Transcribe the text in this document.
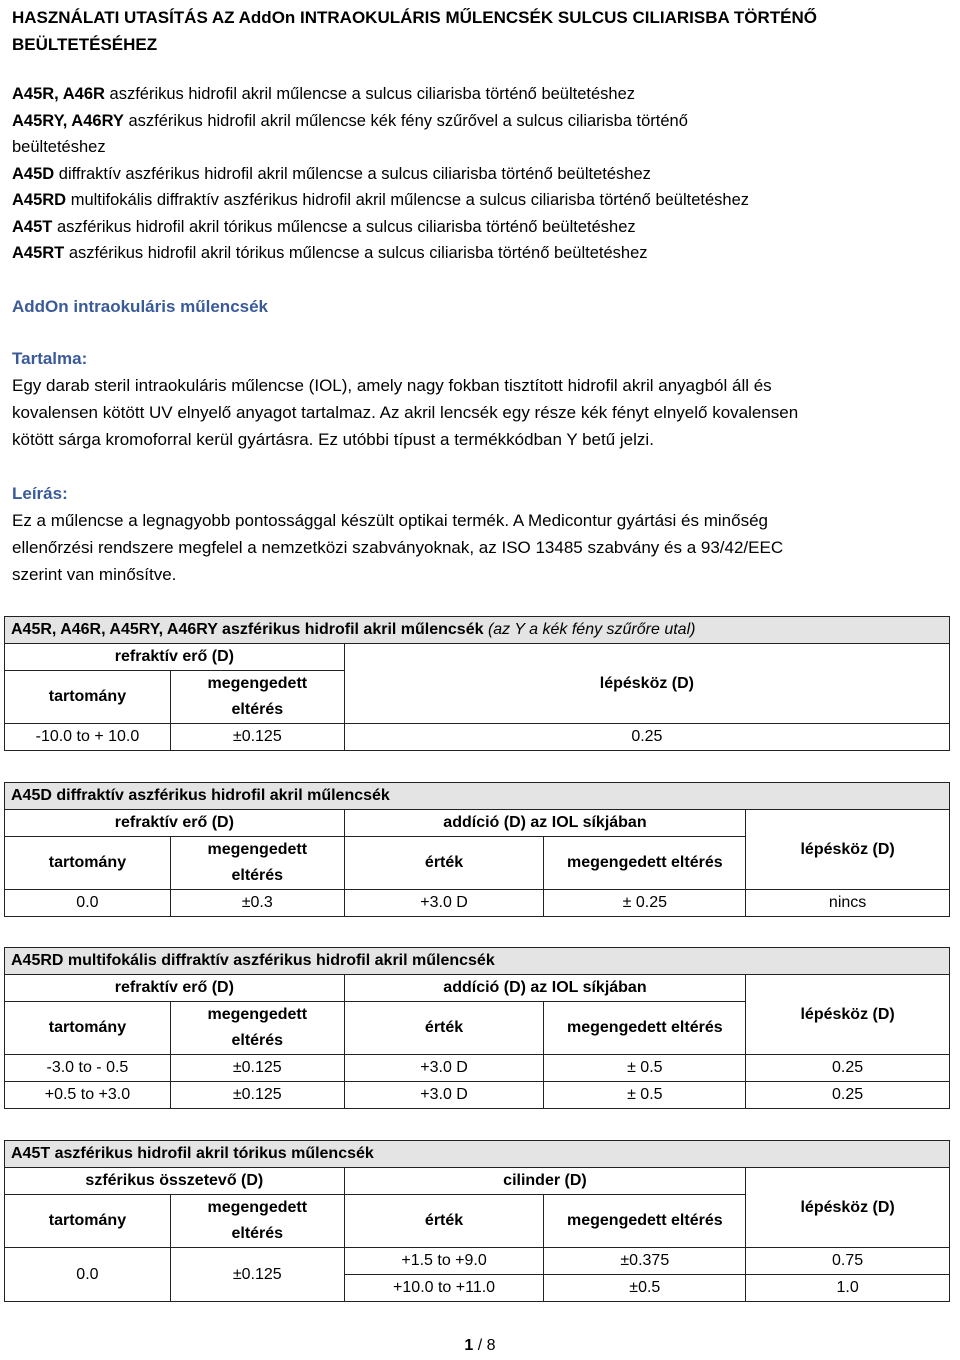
HASZNÁLATI UTASÍTÁS AZ AddOn INTRAOKULÁRIS MŰLENCSÉK SULCUS CILIARISBA TÖRTÉNŐ BEÜLTETÉSÉHEZ
A45R, A46R aszférikus hidrofil akril műlencse a sulcus ciliarisba történő beültetéshez
A45RY, A46RY aszférikus hidrofil akril műlencse kék fény szűrővel a sulcus ciliarisba történő
beültetéshez
A45D diffraktív aszférikus hidrofil akril műlencse a sulcus ciliarisba történő beültetéshez
A45RD multifokális diffraktív aszférikus hidrofil akril műlencse a sulcus ciliarisba történő beültetéshez
A45T aszférikus hidrofil akril tórikus műlencse a sulcus ciliarisba történő beültetéshez
A45RT aszférikus hidrofil akril tórikus műlencse a sulcus ciliarisba történő beültetéshez
AddOn intraokuláris műlencsék
Tartalma:
Egy darab steril intraokuláris műlencse (IOL), amely nagy fokban tisztított hidrofil akril anyagból áll és
kovalensen kötött UV elnyelő anyagot tartalmaz. Az akril lencsék egy része kék fényt elnyelő kovalensen
kötött sárga kromoforral kerül gyártásra. Ez utóbbi típust a termékkódban Y betű jelzi.
Leírás:
Ez a műlencse a legnagyobb pontossággal készült optikai termék. A Medicontur gyártási és minőség
ellenőrzési rendszere megfelel a nemzetközi szabványoknak, az ISO 13485 szabvány és a 93/42/EEC
szerint van minősítve.
A45R, A46R, A45RY, A46RY aszférikus hidrofil akril műlencsék (az Y a kék fény szűrőre utal)		
refraktív erő (D)		lépésköz (D)
tartomány	megengedett
eltérés	
-10.0 to + 10.0	±0.125	0.25
A45D diffraktív aszférikus hidrofil akril műlencsék				
refraktív erő (D)		addíció (D) az IOL síkjában		lépésköz (D)
tartomány	megengedett
eltérés	érték	megengedett eltérés	
0.0	±0.3	+3.0 D	± 0.25	nincs
A45RD multifokális diffraktív aszférikus hidrofil akril műlencsék				
refraktív erő (D)		addíció (D) az IOL síkjában		lépésköz (D)
tartomány	megengedett
eltérés	érték	megengedett eltérés	
-3.0 to - 0.5	±0.125	+3.0 D	± 0.5	0.25
+0.5 to +3.0	±0.125	+3.0 D	± 0.5	0.25
A45T aszférikus hidrofil akril tórikus műlencsék				
szférikus összetevő (D)		cilinder (D)		lépésköz (D)
tartomány	megengedett
eltérés	érték	megengedett eltérés	
0.0	±0.125	+1.5 to +9.0	±0.375	0.75
		+10.0 to +11.0	±0.5	1.0
1 / 8
